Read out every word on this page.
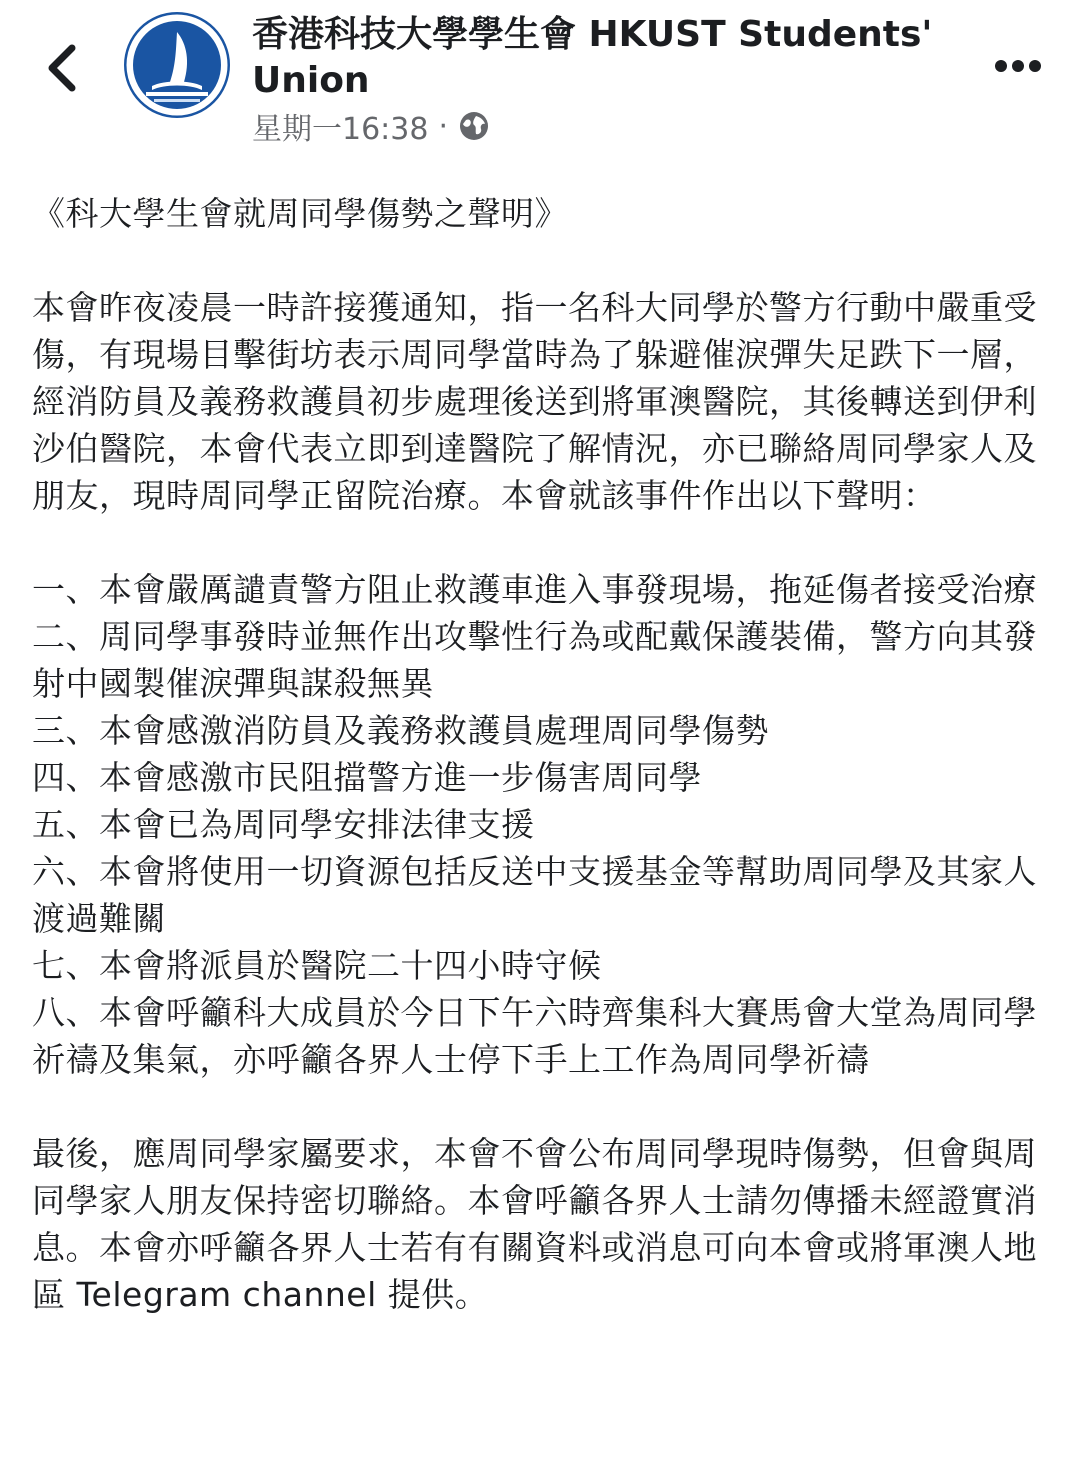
香港科技大學學生會 HKUST Students' Union
星期一16:38 ·

《科大學生會就周同學傷勢之聲明》

本會昨夜凌晨一時許接獲通知，指一名科大同學於警方行動中嚴重受傷，有現場目擊街坊表示周同學當時為了躲避催淚彈失足跌下一層，經消防員及義務救護員初步處理後送到將軍澳醫院，其後轉送到伊利沙伯醫院，本會代表立即到達醫院了解情況，亦已聯絡周同學家人及朋友，現時周同學正留院治療。本會就該事件作出以下聲明：

一、本會嚴厲譴責警方阻止救護車進入事發現場，拖延傷者接受治療

二、周同學事發時並無作出攻擊性行為或配戴保護裝備，警方向其發射中國製催淚彈與謀殺無異

三、本會感激消防員及義務救護員處理周同學傷勢

四、本會感激市民阻擋警方進一步傷害周同學

五、本會已為周同學安排法律支援

六、本會將使用一切資源包括反送中支援基金等幫助周同學及其家人渡過難關

七、本會將派員於醫院二十四小時守候

八、本會呼籲科大成員於今日下午六時齊集科大賽馬會大堂為周同學祈禱及集氣，亦呼籲各界人士停下手上工作為周同學祈禱

最後，應周同學家屬要求，本會不會公布周同學現時傷勢，但會與周同學家人朋友保持密切聯絡。本會呼籲各界人士請勿傳播未經證實消息。本會亦呼籲各界人士若有有關資料或消息可向本會或將軍澳人地區 Telegram channel 提供。
